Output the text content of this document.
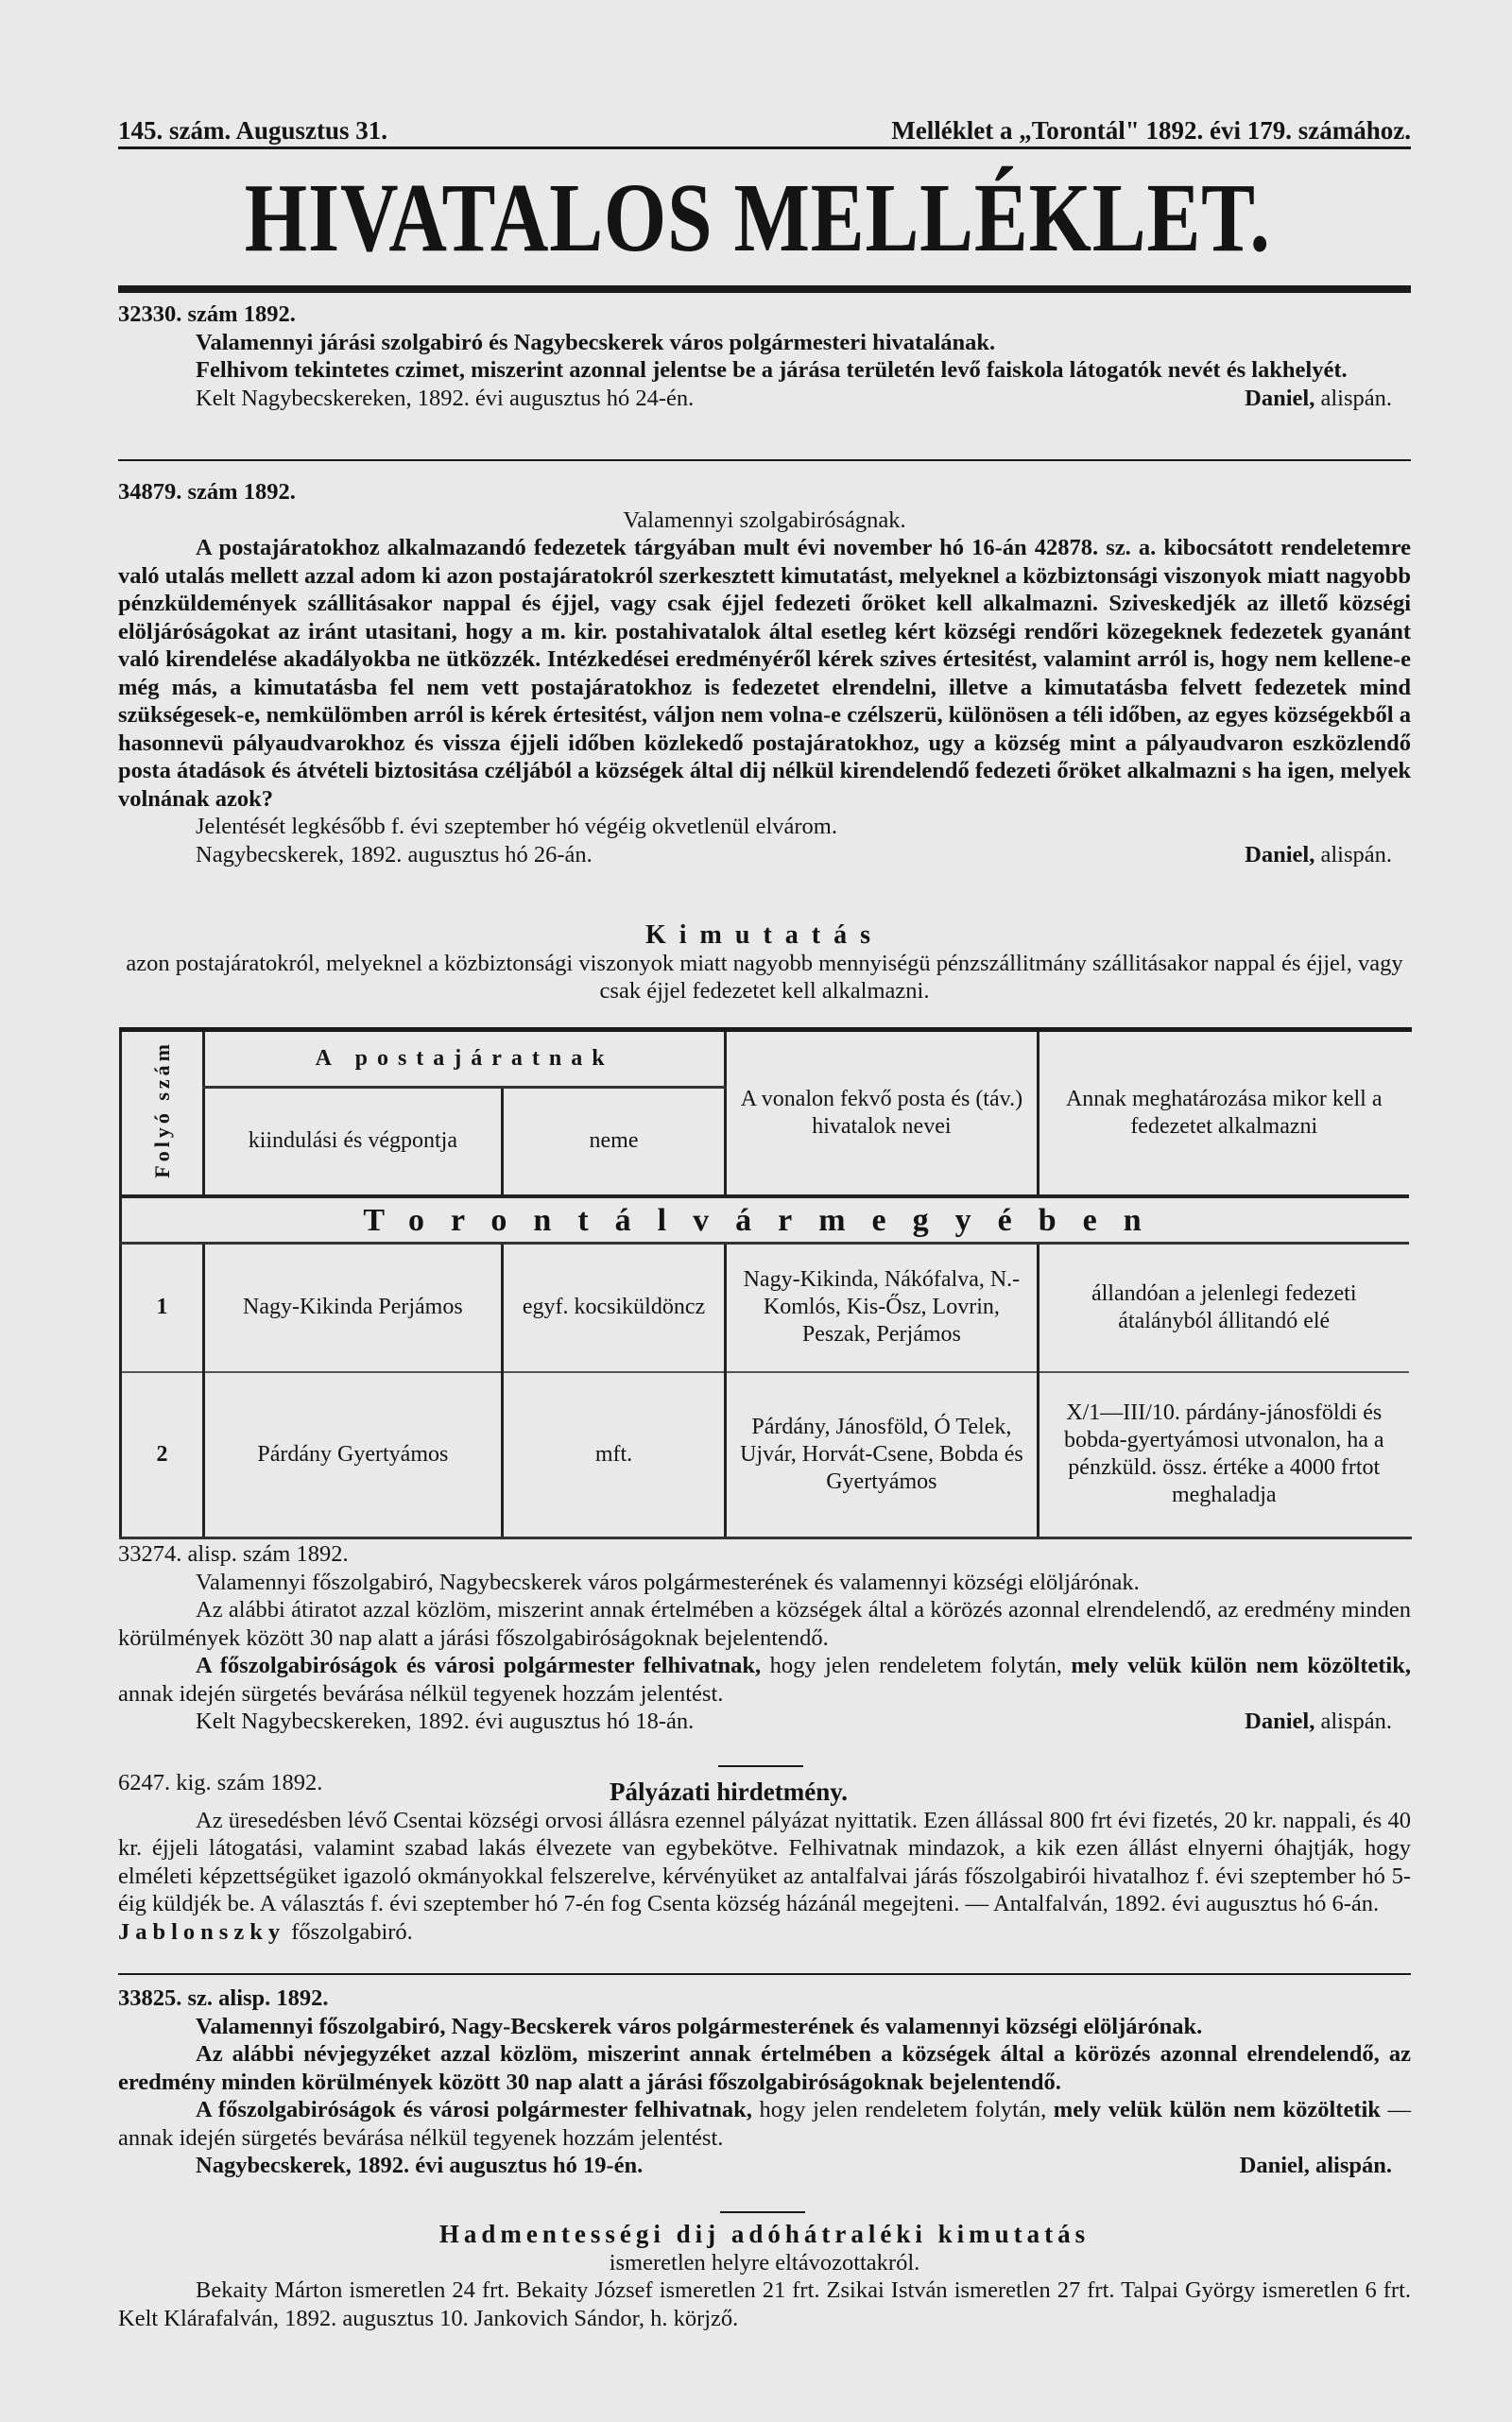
145. szám. Augusztus 31.	Melléklet a „Torontál" 1892. évi 179. számához.
HIVATALOS MELLÉKLET.

32330. szám 1892.

Valamennyi járási szolgabiró és Nagybecskerek város polgármesteri hivatalának.

Felhivom tekintetes czimet, miszerint azonnal jelentse be a járása területén levő faiskola látogatók nevét és lakhelyét.

Kelt Nagybecskereken, 1892. évi augusztus hó 24-én.	Daniel, alispán.

34879. szám 1892.

Valamennyi szolgabiróságnak.

A postajáratokhoz alkalmazandó fedezetek tárgyában mult évi november hó 16-án 42878. sz. a. kibocsátott rendeletemre való utalás mellett azzal adom ki azon postajáratokról szerkesztett kimutatást, melyeknel a közbiztonsági viszonyok miatt nagyobb pénzküldemények szállitásakor nappal és éjjel, vagy csak éjjel fedezeti őröket kell alkalmazni. Sziveskedjék az illető községi elöljáróságokat az iránt utasitani, hogy a m. kir. postahivatalok által esetleg kért községi rendőri közegeknek fedezetek gyanánt való kirendelése akadályokba ne ütközzék. Intézkedései eredményéről kérek szives értesitést, valamint arról is, hogy nem kellene-e még más, a kimutatásba fel nem vett postajáratokhoz is fedezetet elrendelni, illetve a kimutatásba felvett fedezetek mind szükségesek-e, nemkülömben arról is kérek értesitést, váljon nem volna-e czélszerü, különösen a téli időben, az egyes községekből a hasonnevü pályaudvarokhoz és vissza éjjeli időben közlekedő postajáratokhoz, ugy a község mint a pályaudvaron eszközlendő posta átadások és átvételi biztositása czéljából a községek által dij nélkül kirendelendő fedezeti őröket alkalmazni s ha igen, melyek volnának azok?

Jelentését legkésőbb f. évi szeptember hó végéig okvetlenül elvárom.

Nagybecskerek, 1892. augusztus hó 26-án.	Daniel, alispán.

Kimutatás

azon postajáratokról, melyeknel a közbiztonsági viszonyok miatt nagyobb mennyiségü pénzszállitmány szállitásakor nappal és éjjel, vagy csak éjjel fedezetet kell alkalmazni.

Folyó szám	A postajáratnak		A vonalon fekvő posta és (táv.) hivatalok nevei	Annak meghatározása mikor kell a fedezetet alkalmazni
	kiindulási és végpontja	neme		
Torontálvármegyében				
1	Nagy-Kikinda Perjámos	egyf. kocsiküldöncz	Nagy-Kikinda, Nákófalva, N.-Komlós, Kis-Ősz, Lovrin, Peszak, Perjámos	állandóan a jelenlegi fedezeti átalányból állitandó elé
2	Párdány Gyertyámos	mft.	Párdány, Jánosföld, Ó Telek, Ujvár, Horvát-Csene, Bobda és Gyertyámos	X/1—III/10. párdány-jánosföldi és bobda-gyertyámosi utvonalon, ha a pénzküld. össz. értéke a 4000 frtot meghaladja

33274. alisp. szám 1892.

Valamennyi főszolgabiró, Nagybecskerek város polgármesterének és valamennyi községi elöljárónak.

Az alábbi átiratot azzal közlöm, miszerint annak értelmében a községek által a körözés azonnal elrendelendő, az eredmény minden körülmények között 30 nap alatt a járási főszolgabiróságoknak bejelentendő.

A főszolgabiróságok és városi polgármester felhivatnak, hogy jelen rendeletem folytán, mely velük külön nem közöltetik, annak idején sürgetés bevárása nélkül tegyenek hozzám jelentést.

Kelt Nagybecskereken, 1892. évi augusztus hó 18-án.	Daniel, alispán.

6247. kig. szám 1892.	Pályázati hirdetmény.

Az üresedésben lévő Csentai községi orvosi állásra ezennel pályázat nyittatik. Ezen állással 800 frt évi fizetés, 20 kr. nappali, és 40 kr. éjjeli látogatási, valamint szabad lakás élvezete van egybekötve. Felhivatnak mindazok, a kik ezen állást elnyerni óhajtják, hogy elméleti képzettségüket igazoló okmányokkal felszerelve, kérvényüket az antalfalvai járás főszolgabirói hivatalhoz f. évi szeptember hó 5-éig küldjék be. A választás f. évi szeptember hó 7-én fog Csenta község házánál megejteni. — Antalfalván, 1892. évi augusztus hó 6-án.

Jablonszky főszolgabiró.

33825. sz. alisp. 1892.

Valamennyi főszolgabiró, Nagy-Becskerek város polgármesterének és valamennyi községi elöljárónak.

Az alábbi névjegyzéket azzal közlöm, miszerint annak értelmében a községek által a körözés azonnal elrendelendő, az eredmény minden körülmények között 30 nap alatt a járási főszolgabiróságoknak bejelentendő.

A főszolgabiróságok és városi polgármester felhivatnak, hogy jelen rendeletem folytán, mely velük külön nem közöltetik — annak idején sürgetés bevárása nélkül tegyenek hozzám jelentést.

Nagybecskerek, 1892. évi augusztus hó 19-én.	Daniel, alispán.

Hadmentességi dij adóhátraléki kimutatás

ismeretlen helyre eltávozottakról.

Bekaity Márton ismeretlen 24 frt. Bekaity József ismeretlen 21 frt. Zsikai István ismeretlen 27 frt. Talpai György ismeretlen 6 frt. Kelt Klárafalván, 1892. augusztus 10. Jankovich Sándor, h. körjző.
